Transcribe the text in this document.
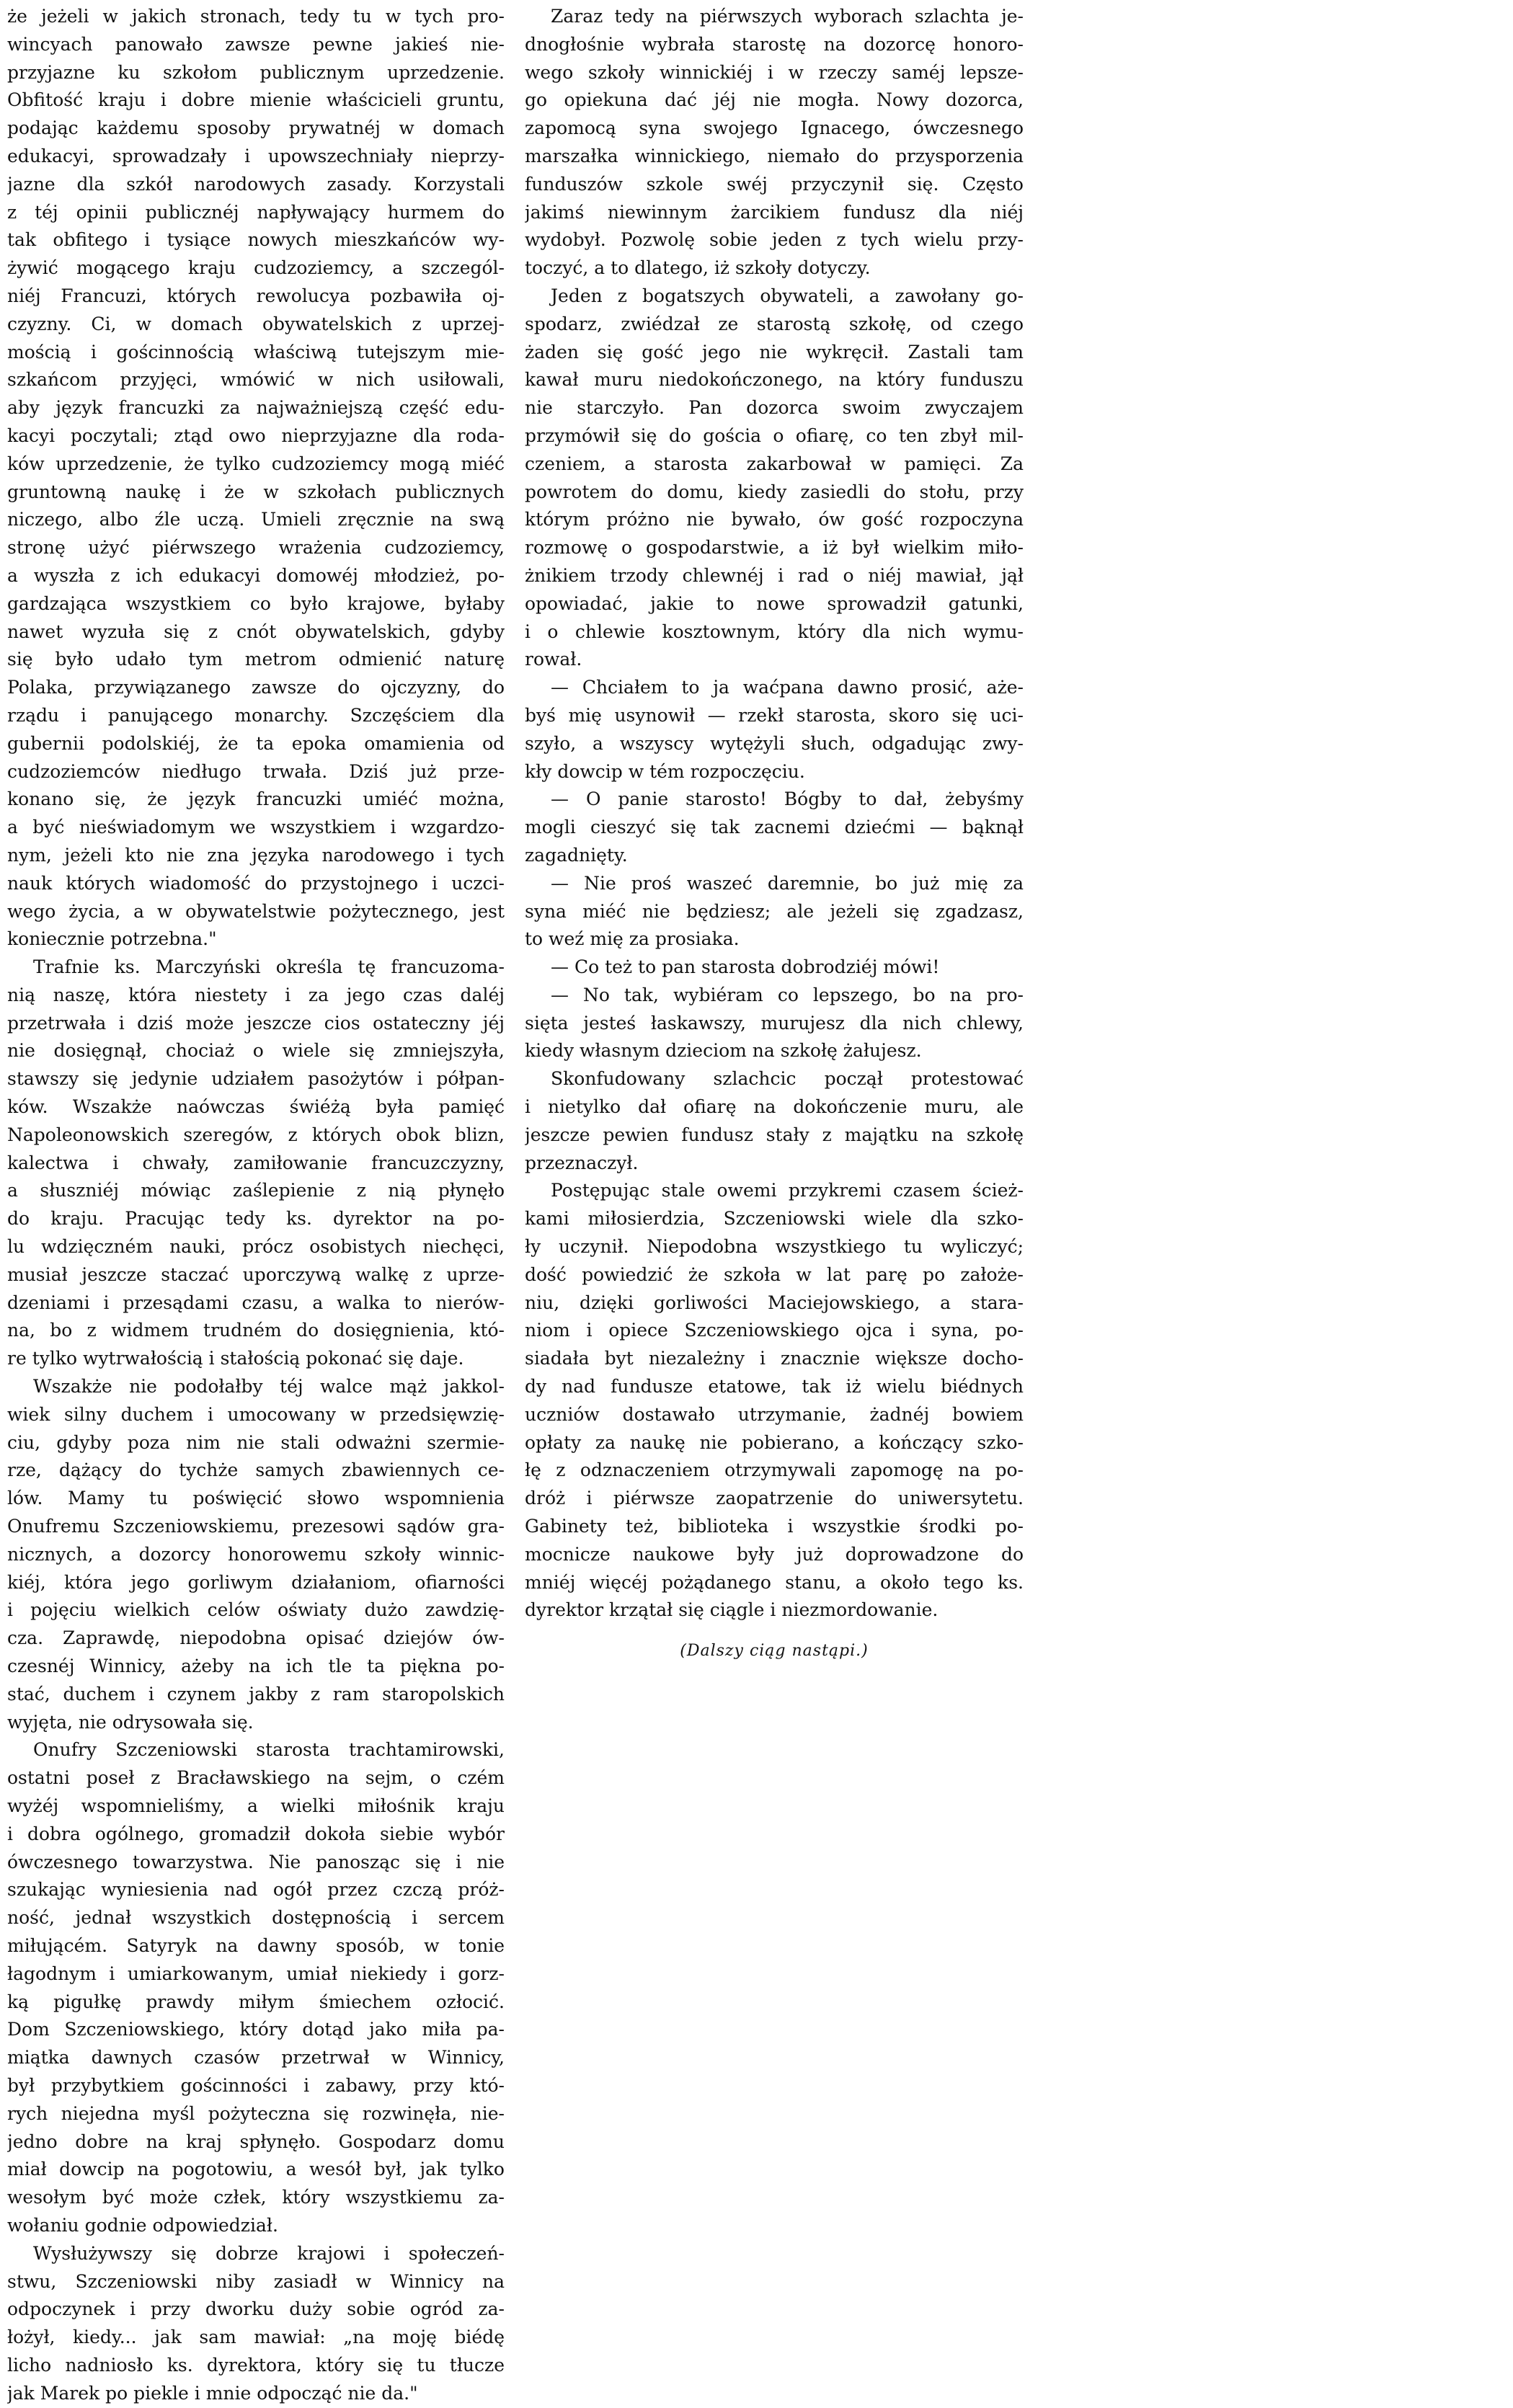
że jeżeli w jakich stronach, tedy tu w tych pro-
wincyach panowało zawsze pewne jakieś nie-
przyjazne ku szkołom publicznym uprzedzenie.
Obfitość kraju i dobre mienie właścicieli gruntu,
podając każdemu sposoby prywatnéj w domach
edukacyi, sprowadzały i upowszechniały nieprzy-
jazne dla szkół narodowych zasady. Korzystali
z téj opinii publicznéj napływający hurmem do
tak obfitego i tysiące nowych mieszkańców wy-
żywić mogącego kraju cudzoziemcy, a szczegól-
niéj Francuzi, których rewolucya pozbawiła oj-
czyzny. Ci, w domach obywatelskich z uprzej-
mością i gościnnością właściwą tutejszym mie-
szkańcom przyjęci, wmówić w nich usiłowali,
aby język francuzki za najważniejszą część edu-
kacyi poczytali; ztąd owo nieprzyjazne dla rodа-
ków uprzedzenie, że tylko cudzoziemcy mogą miéć
gruntowną naukę i że w szkołach publicznych
niczego, albo źle uczą. Umieli zręcznie na swą
stronę użyć piérwszego wrażenia cudzoziemcy,
a wyszła z ich edukacyi domowéj młodzież, po-
gardzająca wszystkiem co było krajowe, byłaby
nawet wyzuła się z cnót obywatelskich, gdyby
się było udało tym metrom odmienić naturę
Polaka, przywiązanego zawsze do ojczyzny, do
rządu i panującego monarchy. Szczęściem dla
gubernii podolskiéj, że ta epoka omamienia od
cudzoziemców niedługo trwała. Dziś już prze-
konano się, że język francuzki umiéć można,
a być nieświadomym we wszystkiem i wzgardzo-
nym, jeżeli kto nie zna języka narodowego i tych
nauk których wiadomość do przystojnego i uczci-
wego życia, a w obywatelstwie pożytecznego, jest
koniecznie potrzebna."
Trafnie ks. Marczyński określa tę francuzoma-
nią naszę, która niestety i za jego czas daléj
przetrwała i dziś może jeszcze cios ostateczny jéj
nie dosięgnął, chociaż o wiele się zmniejszyła,
stawszy się jedynie udziałem pasożytów i półpan-
ków. Wszakże naówczas świéżą była pamięć
Napoleonowskich szeregów, z których obok blizn,
kalectwa i chwały, zamiłowanie francuzczyzny,
a słuszniéj mówiąc zaślepienie z nią płynęło
do kraju. Pracując tedy ks. dyrektor na po-
lu wdzięczném nauki, prócz osobistych niechęci,
musiał jeszcze staczać uporczywą walkę z uprze-
dzeniami i przesądami czasu, a walka to nierów-
na, bo z widmem trudném do dosięgnienia, któ-
re tylko wytrwałością i stałością pokonać się daje.
Wszakże nie podołałby téj walce mąż jakkol-
wiek silny duchem i umocowany w przedsięwzię-
ciu, gdyby poza nim nie stali odważni szermie-
rze, dążący do tychże samych zbawiennych ce-
lów. Mamy tu poświęcić słowo wspomnienia
Onufremu Szczeniowskiemu, prezesowi sądów gra-
nicznych, a dozorcy honorowemu szkoły winnic-
kiéj, która jego gorliwym działaniom, ofiarności
i pojęciu wielkich celów oświaty dużo zawdzię-
cza. Zaprawdę, niepodobna opisać dziejów ów-
czesnéj Winnicy, ażeby na ich tle ta piękna po-
stać, duchem i czynem jakby z ram staropolskich
wyjęta, nie odrysowała się.
Onufry Szczeniowski starosta trachtamirowski,
ostatni poseł z Bracławskiego na sejm, o czém
wyżéj wspomnieliśmy, a wielki miłośnik kraju
i dobra ogólnego, gromadził dokoła siebie wybór
ówczesnego towarzystwa. Nie panosząc się i nie
szukając wyniesienia nad ogół przez czczą próż-
ność, jednał wszystkich dostępnością i sercem
miłującém. Satyryk na dawny sposób, w tonie
łagodnym i umiarkowanym, umiał niekiedy i gorz-
ką pigułkę prawdy miłym śmiechem ozłocić.
Dom Szczeniowskiego, który dotąd jako miła pa-
miątka dawnych czasów przetrwał w Winnicy,
był przybytkiem gościnności i zabawy, przy któ-
rych niejedna myśl pożyteczna się rozwinęła, nie-
jedno dobre na kraj spłynęło. Gospodarz domu
miał dowcip na pogotowiu, a wesół był, jak tylko
wesołym być może człek, który wszystkiemu za-
wołaniu godnie odpowiedział.
Wysłużywszy się dobrze krajowi i społeczeń-
stwu, Szczeniowski niby zasiadł w Winnicy na
odpoczynek i przy dworku duży sobie ogród za-
łożył, kiedy... jak sam mawiał: „na moję biédę
licho nadniosło ks. dyrektora, który się tu tłucze
jak Marek po piekle i mnie odpocząć nie da."
Zaraz tedy na piérwszych wyborach szlachta je-
dnogłośnie wybrała starostę na dozorcę honoro-
wego szkoły winnickiéj i w rzeczy saméj lepsze-
go opiekuna dać jéj nie mogła. Nowy dozorca,
zapomocą syna swojego Ignacego, ówczesnego
marszałka winnickiego, niemało do przysporzenia
funduszów szkole swéj przyczynił się. Często
jakimś niewinnym żarcikiem fundusz dla niéj
wydobył. Pozwolę sobie jeden z tych wielu przy-
toczyć, a to dlatego, iż szkoły dotyczy.
Jeden z bogatszych obywateli, a zawołany go-
spodarz, zwiédzał ze starostą szkołę, od czego
żaden się gość jego nie wykręcił. Zastali tam
kawał muru niedokończonego, na który funduszu
nie starczyło. Pan dozorca swoim zwyczajem
przymówił się do gościa o ofiarę, co ten zbył mil-
czeniem, a starosta zakarbował w pamięci. Za
powrotem do domu, kiedy zasiedli do stołu, przy
którym próżno nie bywało, ów gość rozpoczyna
rozmowę o gospodarstwie, a iż był wielkim miło-
żnikiem trzody chlewnéj i rad o niéj mawiał, jął
opowiadać, jakie to nowe sprowadził gatunki,
i o chlewie kosztownym, który dla nich wymu-
rował.
— Chciałem to ja waćpana dawno prosić, aże-
byś mię usynowił — rzekł starosta, skoro się uci-
szyło, a wszyscy wytężyli słuch, odgadując zwy-
kły dowcip w tém rozpoczęciu.
— O panie starosto! Bógby to dał, żebyśmy
mogli cieszyć się tak zacnemi dziećmi — bąknął
zagadnięty.
— Nie proś waszeć daremnie, bo już mię za
syna miéć nie będziesz; ale jeżeli się zgadzasz,
to weź mię za prosiaka.
— Co też to pan starosta dobrodziéj mówi!
— No tak, wybiéram co lepszego, bo na pro-
sięta jesteś łaskawszy, murujesz dla nich chlewy,
kiedy własnym dzieciom na szkołę żałujesz.
Skonfudowany szlachcic począł protestować
i nietylko dał ofiarę na dokończenie muru, ale
jeszcze pewien fundusz stały z majątku na szkołę
przeznaczył.
Postępując stale owemi przykremi czasem ścież-
kami miłosierdzia, Szczeniowski wiele dla szko-
ły uczynił. Niepodobna wszystkiego tu wyliczyć;
dość powiedzić że szkoła w lat parę po założe-
niu, dzięki gorliwości Maciejowskiego, a stara-
niom i opiece Szczeniowskiego ojca i syna, po-
siadała byt niezależny i znacznie większe docho-
dy nad fundusze etatowe, tak iż wielu biédnych
uczniów dostawało utrzymanie, żadnéj bowiem
opłaty za naukę nie pobierano, a kończący szko-
łę z odznaczeniem otrzymywali zapomogę na po-
dróż i piérwsze zaopatrzenie do uniwersytetu.
Gabinety też, biblioteka i wszystkie środki po-
mocnicze naukowe były już doprowadzone do
mniéj więcéj pożądanego stanu, a około tego ks.
dyrektor krzątał się ciągle i niezmordowanie.
(Dalszy ciąg nastąpi.)
